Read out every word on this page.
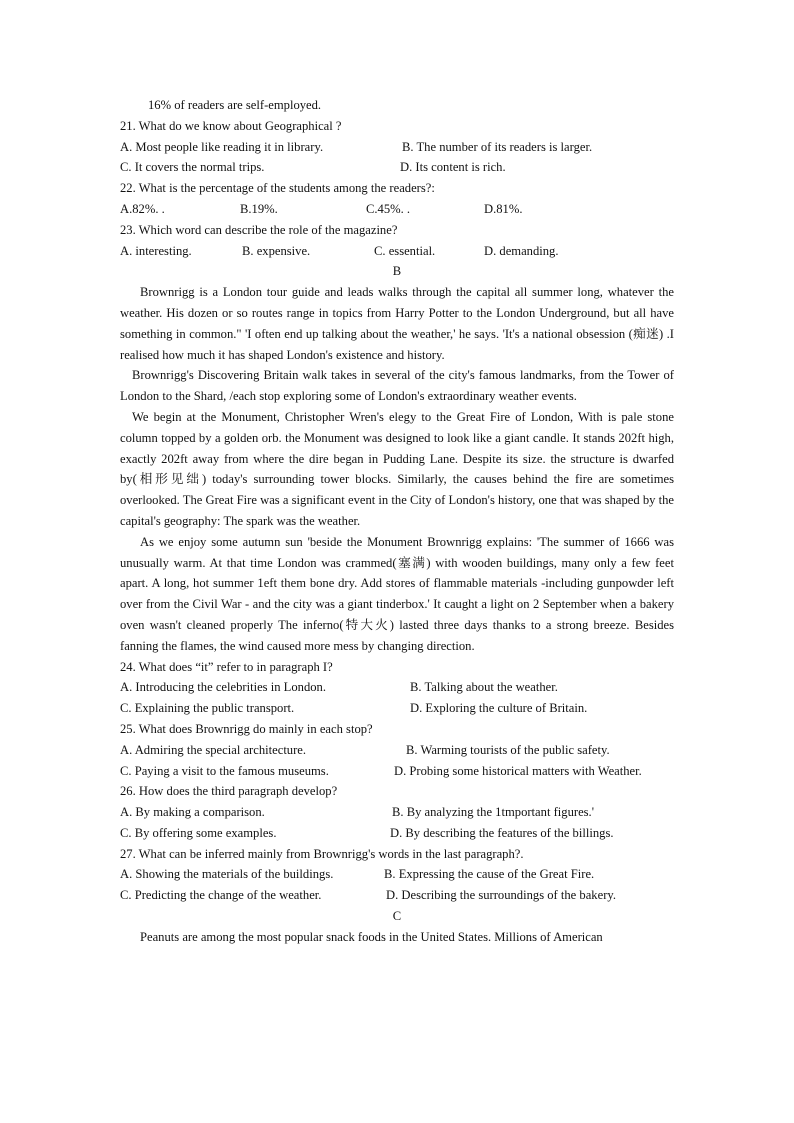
16% of readers are self-employed.
21. What do we know about Geographical ?
A. Most people like reading it in library.	B. The number of its readers is larger.
C. It covers the normal trips.	D. Its content is rich.
22. What is the percentage of the students among the readers?:
A.82%. .	B.19%.	C.45%. .	D.81%.
23. Which word can describe the role of the magazine?
A. interesting.	B. expensive.	C. essential.	D. demanding.
B
Brownrigg is a London tour guide and leads walks through the capital all summer long, whatever the weather. His dozen or so routes range in topics from Harry Potter to the London Underground, but all have something in common." 'I often end up talking about the weather,' he says. 'It's a national obsession (痴迷) .I realised how much it has shaped London's existence and history.
Brownrigg's Discovering Britain walk takes in several of the city's famous landmarks, from the Tower of London to the Shard, /each stop exploring some of London's extraordinary weather events.
We begin at the Monument, Christopher Wren's elegy to the Great Fire of London, With is pale stone column topped by a golden orb. the Monument was designed to look like a giant candle. It stands 202ft high, exactly 202ft away from where the dire began in Pudding Lane. Despite its size. the structure is dwarfed by(相形见绌) today's surrounding tower blocks. Similarly, the causes behind the fire are sometimes overlooked. The Great Fire was a significant event in the City of London's history, one that was shaped by the capital's geography: The spark was the weather.
As we enjoy some autumn sun 'beside the Monument Brownrigg explains: 'The summer of 1666 was unusually warm. At that time London was crammed(塞满) with wooden buildings, many only a few feet apart. A long, hot summer 1eft them bone dry. Add stores of flammable materials -including gunpowder left over from the Civil War - and the city was a giant tinderbox.' It caught a light on 2 September when a bakery oven wasn't cleaned properly The inferno(特大火) lasted three days thanks to a strong breeze. Besides fanning the flames, the wind caused more mess by changing direction.
24. What does “it” refer to in paragraph I?
A. Introducing the celebrities in London.	B. Talking about the weather.
C. Explaining the public transport.	D. Exploring the culture of Britain.
25. What does Brownrigg do mainly in each stop?
A. Admiring the special architecture.	B. Warming tourists of the public safety.
C. Paying a visit to the famous museums.	D. Probing some historical matters with Weather.
26. How does the third paragraph develop?
A. By making a comparison.	B. By analyzing the 1tmportant figures.'
C. By offering some examples.	D. By describing the features of the billings.
27. What can be inferred mainly from Brownrigg's words in the last paragraph?.
A. Showing the materials of the buildings.	B. Expressing the cause of the Great Fire.
C. Predicting the change of the weather.	D. Describing the surroundings of the bakery.
C
Peanuts are among the most popular snack foods in the United States. Millions of American
